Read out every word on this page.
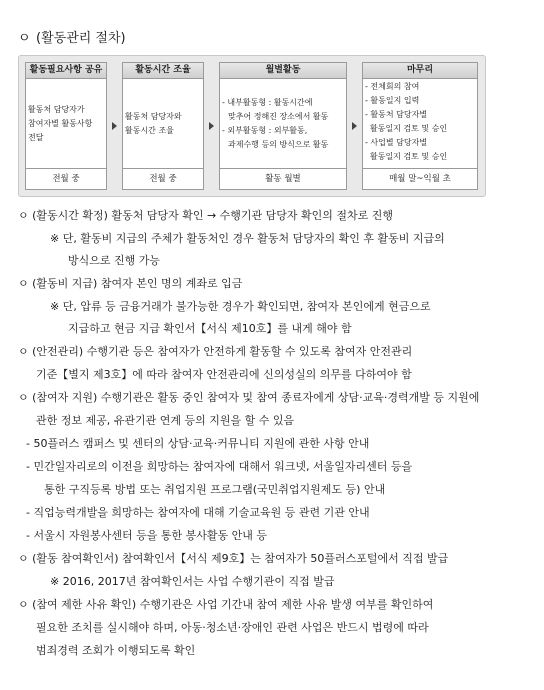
ㅇ (활동관리 절차)
활동필요사항 공유
활동처 담당자가
참여자별 활동사항
전달
전월 중
활동시간 조율
활동처 담당자와
활동시간 조율
전월 중
월별활동
- 내부활동형 : 활동시간에
맞추어 정해진 장소에서 활동
- 외부활동형 : 외부활동,
과제수행 등의 방식으로 활동
활동 월별
마무리
- 전체회의 참여
- 활동일지 입력
- 활동처 담당자별
활동일지 검토 및 승인
- 사업별 담당자별
활동일지 검토 및 승인
매월 말~익월 초
ㅇ (활동시간 확정) 활동처 담당자 확인 → 수행기관 담당자 확인의 절차로 진행
※ 단, 활동비 지급의 주체가 활동처인 경우 활동처 담당자의 확인 후 활동비 지급의
방식으로 진행 가능
ㅇ (활동비 지급) 참여자 본인 명의 계좌로 입금
※ 단, 압류 등 금융거래가 불가능한 경우가 확인되면, 참여자 본인에게 현금으로
지급하고 현금 지급 확인서【서식 제10호】를 내게 해야 함
ㅇ (안전관리) 수행기관 등은 참여자가 안전하게 활동할 수 있도록 참여자 안전관리
기준【별지 제3호】에 따라 참여자 안전관리에 신의성실의 의무를 다하여야 함
ㅇ (참여자 지원) 수행기관은 활동 중인 참여자 및 참여 종료자에게 상담·교육·경력개발 등 지원에
관한 정보 제공, 유관기관 연계 등의 지원을 할 수 있음
- 50플러스 캠퍼스 및 센터의 상담·교육·커뮤니티 지원에 관한 사항 안내
- 민간일자리로의 이전을 희망하는 참여자에 대해서 워크넷, 서울일자리센터 등을
통한 구직등록 방법 또는 취업지원 프로그램(국민취업지원제도 등) 안내
- 직업능력개발을 희망하는 참여자에 대해 기술교육원 등 관련 기관 안내
- 서울시 자원봉사센터 등을 통한 봉사활동 안내 등
ㅇ (활동 참여확인서) 참여확인서【서식 제9호】는 참여자가 50플러스포털에서 직접 발급
※ 2016, 2017년 참여확인서는 사업 수행기관이 직접 발급
ㅇ (참여 제한 사유 확인) 수행기관은 사업 기간내 참여 제한 사유 발생 여부를 확인하여
필요한 조치를 실시해야 하며, 아동·청소년·장애인 관련 사업은 반드시 법령에 따라
범죄경력 조회가 이행되도록 확인
